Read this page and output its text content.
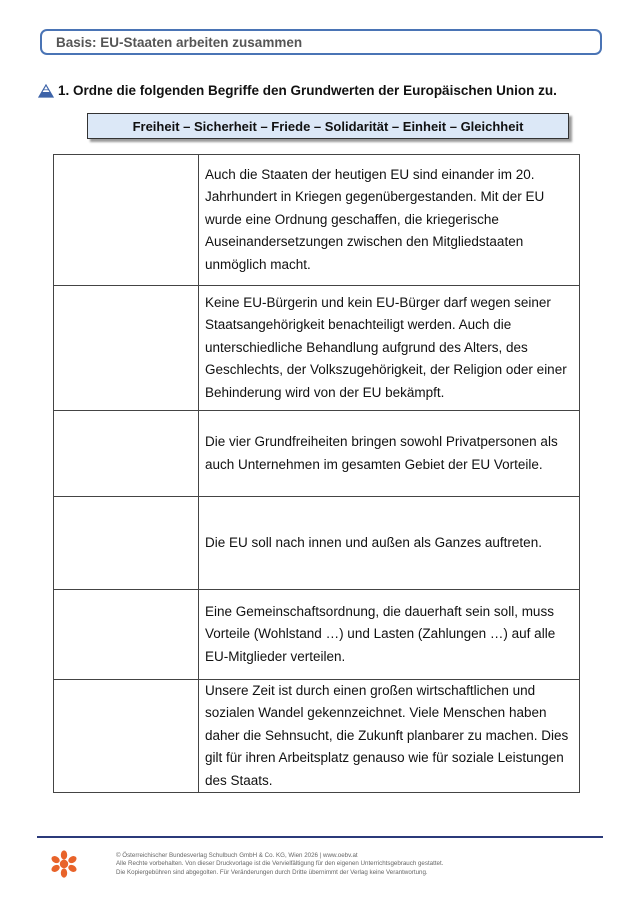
Basis: EU-Staaten arbeiten zusammen
1. Ordne die folgenden Begriffe den Grundwerten der Europäischen Union zu.
Freiheit – Sicherheit – Friede – Solidarität – Einheit – Gleichheit
	Auch die Staaten der heutigen EU sind einander im 20. Jahrhundert in Kriegen gegenübergestanden. Mit der EU wurde eine Ordnung geschaffen, die kriegerische Auseinandersetzungen zwischen den Mitgliedstaaten unmöglich macht.
	Keine EU-Bürgerin und kein EU-Bürger darf wegen seiner Staatsangehörigkeit benachteiligt werden. Auch die unterschiedliche Behandlung aufgrund des Alters, des Geschlechts, der Volkszugehörigkeit, der Religion oder einer Behinderung wird von der EU bekämpft.
	Die vier Grundfreiheiten bringen sowohl Privatpersonen als auch Unternehmen im gesamten Gebiet der EU Vorteile.
	Die EU soll nach innen und außen als Ganzes auftreten.
	Eine Gemeinschaftsordnung, die dauerhaft sein soll, muss Vorteile (Wohlstand …) und Lasten (Zahlungen …) auf alle EU-Mitglieder verteilen.
	Unsere Zeit ist durch einen großen wirtschaftlichen und sozialen Wandel gekennzeichnet. Viele Menschen haben daher die Sehnsucht, die Zukunft planbarer zu machen. Dies gilt für ihren Arbeitsplatz genauso wie für soziale Leistungen des Staats.
© Österreichischer Bundesverlag Schulbuch GmbH & Co. KG, Wien 2026 | www.oebv.at
Alle Rechte vorbehalten. Von dieser Druckvorlage ist die Vervielfältigung für den eigenen Unterrichtsgebrauch gestattet.
Die Kopiergebühren sind abgegolten. Für Veränderungen durch Dritte übernimmt der Verlag keine Verantwortung.
